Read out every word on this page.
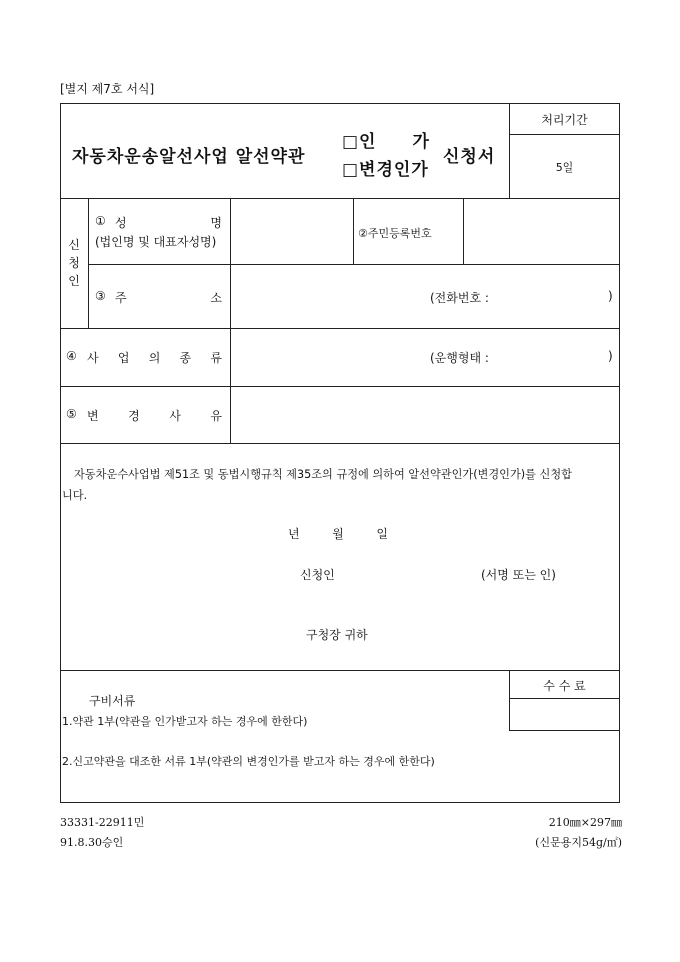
[별지 제7호 서식]
자동차운송알선사업 알선약관
□인　　가
□변경인가
신청서
처리기간
5일
신
청
인
① 성	명
(법인명 및 대표자성명)
②주민등록번호
③ 주	소	(전화번호 :	)
④ 사 업 의 종 류	(운행형태 :	)
⑤ 변 경 사 유
자동차운수사업법 제51조 및 동법시행규칙 제35조의 규정에 의하여 알선약관인가(변경인가)를 신청합
니다.
년	월	일
신청인	(서명 또는 인)
구청장 귀하
구비서류
1.약관 1부(약관을 인가받고자 하는 경우에 한한다)
2.신고약관을 대조한 서류 1부(약관의 변경인가를 받고자 하는 경우에 한한다)
수 수 료
33331-22911민
91.8.30승인
210㎜×297㎜
(신문용지54g/㎡)
